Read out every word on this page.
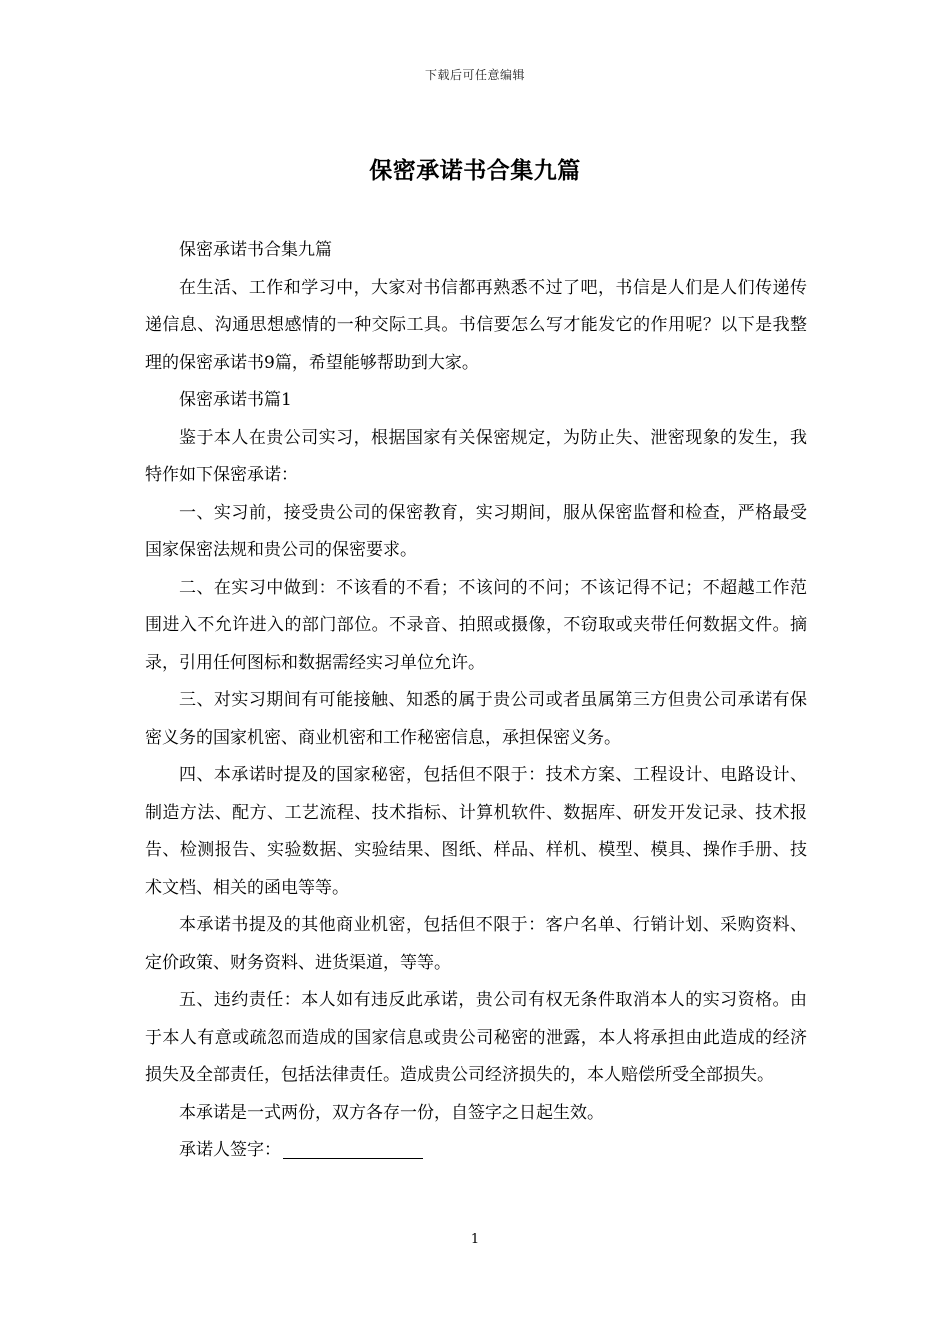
下载后可任意编辑
保密承诺书合集九篇

保密承诺书合集九篇

在生活、工作和学习中，大家对书信都再熟悉不过了吧，书信是人们是人们传递传递信息、沟通思想感情的一种交际工具。书信要怎么写才能发它的作用呢？以下是我整理的保密承诺书9篇，希望能够帮助到大家。

保密承诺书篇1

鉴于本人在贵公司实习，根据国家有关保密规定，为防止失、泄密现象的发生，我特作如下保密承诺：

一、实习前，接受贵公司的保密教育，实习期间，服从保密监督和检查，严格最受国家保密法规和贵公司的保密要求。

二、在实习中做到：不该看的不看；不该问的不问；不该记得不记；不超越工作范围进入不允许进入的部门部位。不录音、拍照或摄像，不窃取或夹带任何数据文件。摘录，引用任何图标和数据需经实习单位允许。

三、对实习期间有可能接触、知悉的属于贵公司或者虽属第三方但贵公司承诺有保密义务的国家机密、商业机密和工作秘密信息，承担保密义务。

四、本承诺时提及的国家秘密，包括但不限于：技术方案、工程设计、电路设计、制造方法、配方、工艺流程、技术指标、计算机软件、数据库、研发开发记录、技术报告、检测报告、实验数据、实验结果、图纸、样品、样机、模型、模具、操作手册、技术文档、相关的函电等等。

本承诺书提及的其他商业机密，包括但不限于：客户名单、行销计划、采购资料、定价政策、财务资料、进货渠道，等等。

五、违约责任：本人如有违反此承诺，贵公司有权无条件取消本人的实习资格。由于本人有意或疏忽而造成的国家信息或贵公司秘密的泄露，本人将承担由此造成的经济损失及全部责任，包括法律责任。造成贵公司经济损失的，本人赔偿所受全部损失。

本承诺是一式两份，双方各存一份，自签字之日起生效。

承诺人签字：

1
